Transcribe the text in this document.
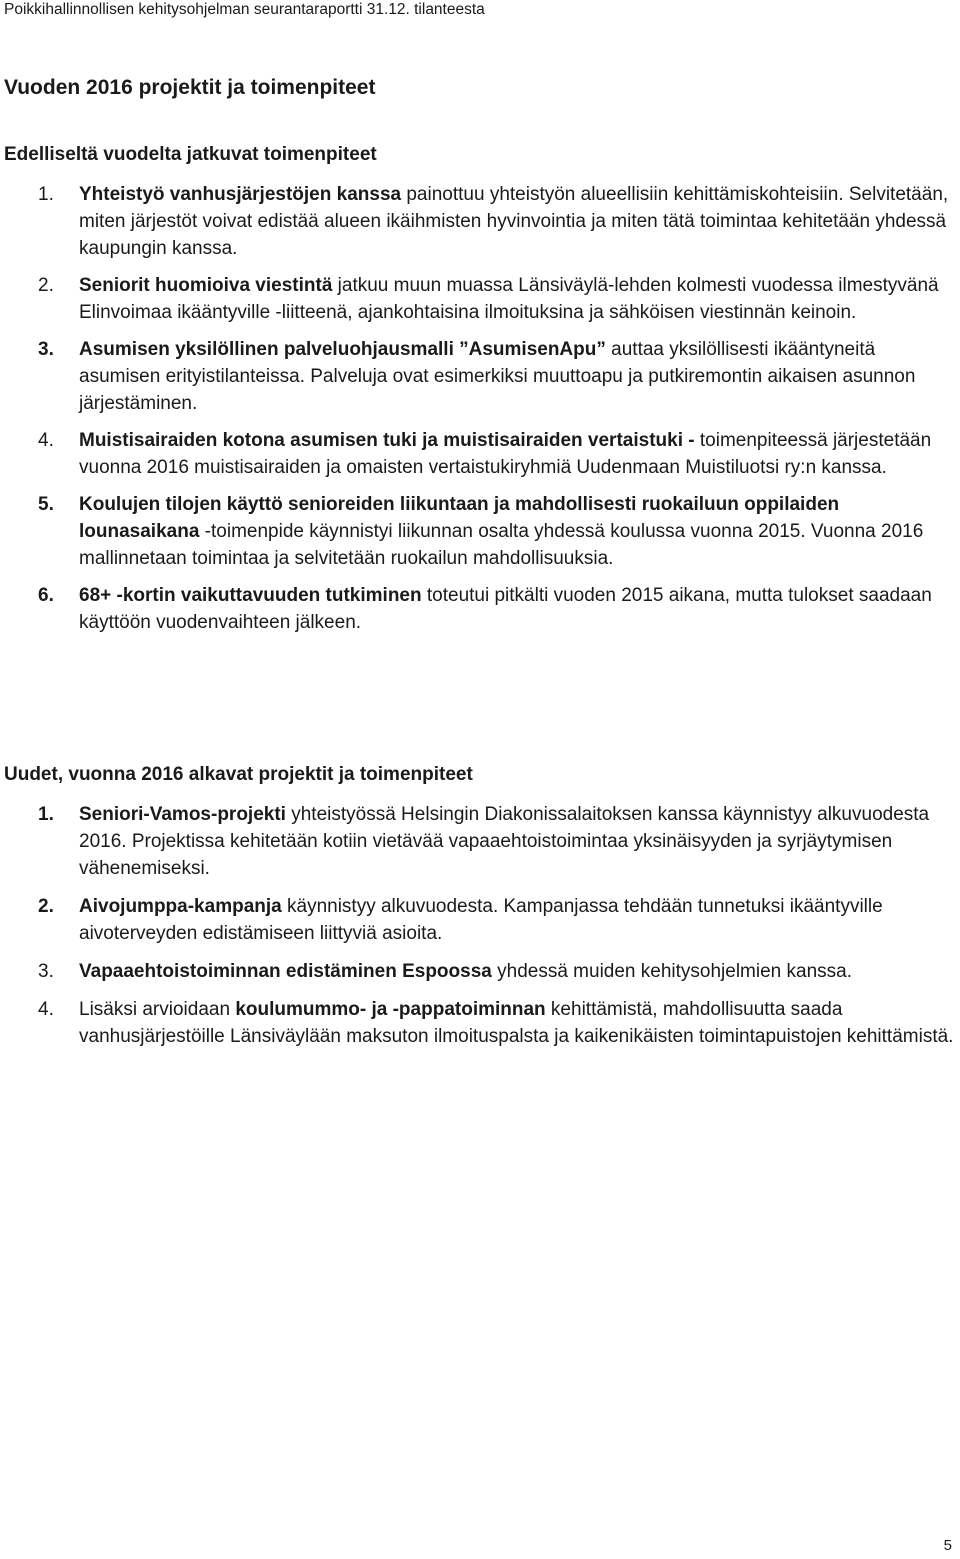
Poikkihallinnollisen kehitysohjelman seurantaraportti 31.12. tilanteesta
Vuoden 2016 projektit ja toimenpiteet
Edelliseltä vuodelta jatkuvat toimenpiteet
1. Yhteistyö vanhusjärjestöjen kanssa painottuu yhteistyön alueellisiin kehittämiskohteisiin. Selvitetään, miten järjestöt voivat edistää alueen ikäihmisten hyvinvointia ja miten tätä toimintaa kehitetään yhdessä kaupungin kanssa.
2. Seniorit huomioiva viestintä jatkuu muun muassa Länsiväylä-lehden kolmesti vuodessa ilmestyvänä Elinvoimaa ikääntyville -liitteenä, ajankohtaisina ilmoituksina ja sähköisen viestinnän keinoin.
3. Asumisen yksilöllinen palveluohjausmalli ”AsumisenApu” auttaa yksilöllisesti ikääntyneitä asumisen erityistilanteissa. Palveluja ovat esimerkiksi muuttoapu ja putkiremontin aikaisen asunnon järjestäminen.
4. Muistisairaiden kotona asumisen tuki ja muistisairaiden vertaistuki - toimenpiteessä järjestetään vuonna 2016 muistisairaiden ja omaisten vertaistukiryhmiä Uudenmaan Muistiluotsi ry:n kanssa.
5. Koulujen tilojen käyttö senioreiden liikuntaan ja mahdollisesti ruokailuun oppilaiden lounasaikana -toimenpide käynnistyi liikunnan osalta yhdessä koulussa vuonna 2015. Vuonna 2016 mallinnetaan toimintaa ja selvitetään ruokailun mahdollisuuksia.
6. 68+ -kortin vaikuttavuuden tutkiminen toteutui pitkälti vuoden 2015 aikana, mutta tulokset saadaan käyttöön vuodenvaihteen jälkeen.
Uudet, vuonna 2016 alkavat projektit ja toimenpiteet
1. Seniori-Vamos-projekti yhteistyössä Helsingin Diakonissalaitoksen kanssa käynnistyy alkuvuodesta 2016. Projektissa kehitetään kotiin vietävää vapaaehtoistoimintaa yksinäisyyden ja syrjäytymisen vähenemiseksi.
2. Aivojumppa-kampanja käynnistyy alkuvuodesta. Kampanjassa tehdään tunnetuksi ikääntyville aivoterveyden edistämiseen liittyviä asioita.
3. Vapaaehtoistoiminnan edistäminen Espoossa yhdessä muiden kehitysohjelmien kanssa.
4. Lisäksi arvioidaan koulumummo- ja -pappatoiminnan kehittämistä, mahdollisuutta saada vanhusjärjestöille Länsiväylään maksuton ilmoituspalsta ja kaikenikäisten toimintapuistojen kehittämistä.
5
